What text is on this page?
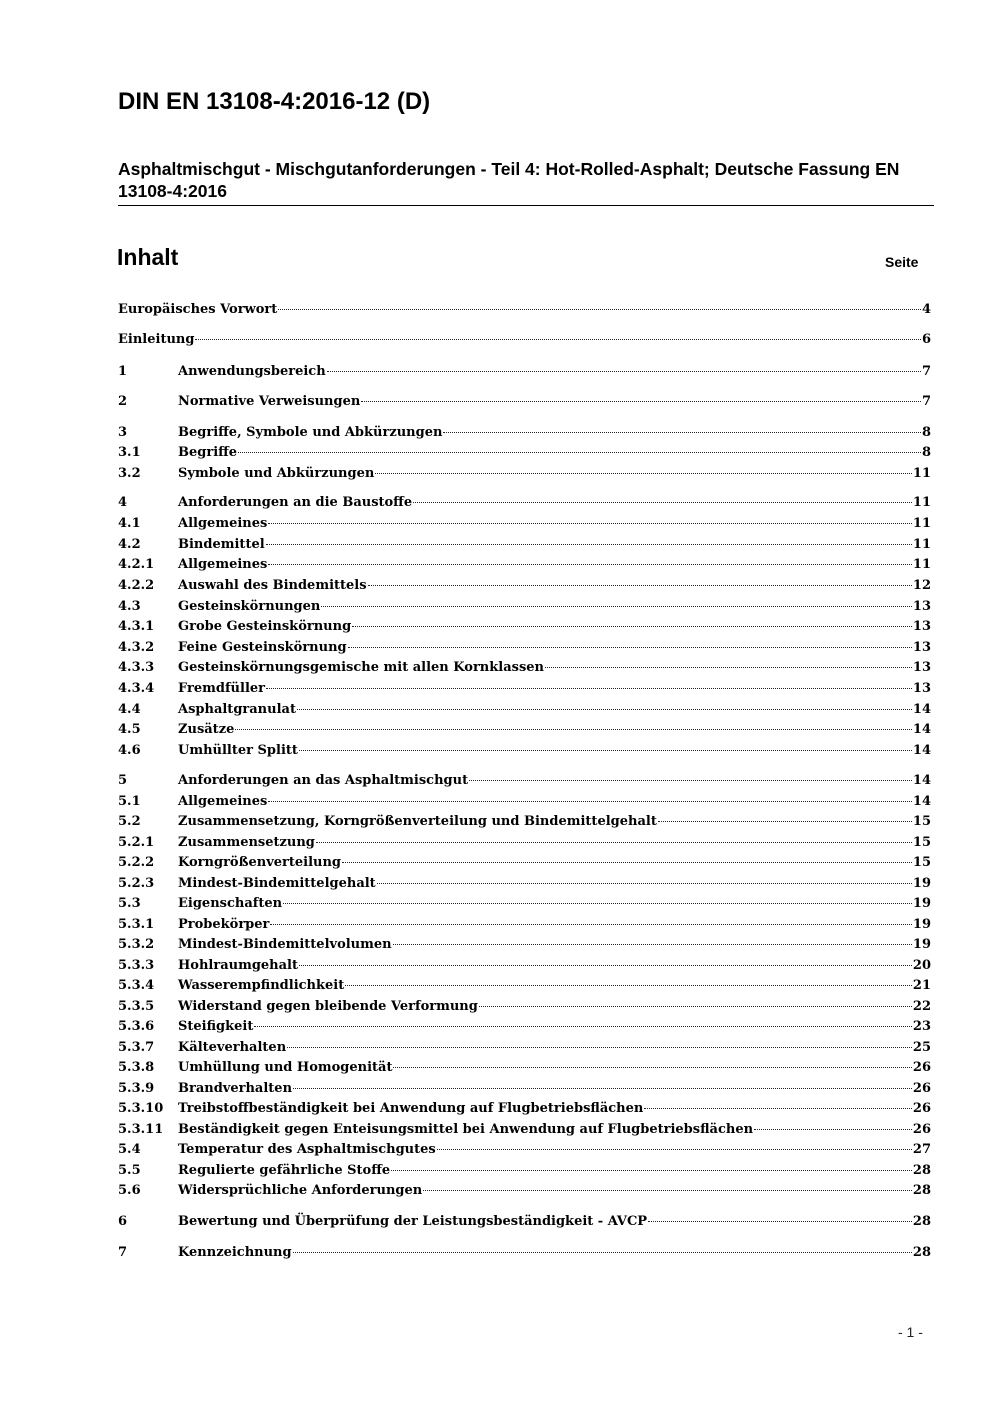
DIN EN 13108-4:2016-12 (D)

Asphaltmischgut - Mischgutanforderungen - Teil 4: Hot-Rolled-Asphalt; Deutsche Fassung EN 13108-4:2016

Inhalt	Seite
Europäisches Vorwort	4
Einleitung	6
1	Anwendungsbereich	7
2	Normative Verweisungen	7
3	Begriffe, Symbole und Abkürzungen	8
3.1	Begriffe	8
3.2	Symbole und Abkürzungen	11
4	Anforderungen an die Baustoffe	11
4.1	Allgemeines	11
4.2	Bindemittel	11
4.2.1	Allgemeines	11
4.2.2	Auswahl des Bindemittels	12
4.3	Gesteinskörnungen	13
4.3.1	Grobe Gesteinskörnung	13
4.3.2	Feine Gesteinskörnung	13
4.3.3	Gesteinskörnungsgemische mit allen Kornklassen	13
4.3.4	Fremdfüller	13
4.4	Asphaltgranulat	14
4.5	Zusätze	14
4.6	Umhüllter Splitt	14
5	Anforderungen an das Asphaltmischgut	14
5.1	Allgemeines	14
5.2	Zusammensetzung, Korngrößenverteilung und Bindemittelgehalt	15
5.2.1	Zusammensetzung	15
5.2.2	Korngrößenverteilung	15
5.2.3	Mindest-Bindemittelgehalt	19
5.3	Eigenschaften	19
5.3.1	Probekörper	19
5.3.2	Mindest-Bindemittelvolumen	19
5.3.3	Hohlraumgehalt	20
5.3.4	Wasserempfindlichkeit	21
5.3.5	Widerstand gegen bleibende Verformung	22
5.3.6	Steifigkeit	23
5.3.7	Kälteverhalten	25
5.3.8	Umhüllung und Homogenität	26
5.3.9	Brandverhalten	26
5.3.10	Treibstoffbeständigkeit bei Anwendung auf Flugbetriebsflächen	26
5.3.11	Beständigkeit gegen Enteisungsmittel bei Anwendung auf Flugbetriebsflächen	26
5.4	Temperatur des Asphaltmischgutes	27
5.5	Regulierte gefährliche Stoffe	28
5.6	Widersprüchliche Anforderungen	28
6	Bewertung und Überprüfung der Leistungsbeständigkeit - AVCP	28
7	Kennzeichnung	28
- 1 -
